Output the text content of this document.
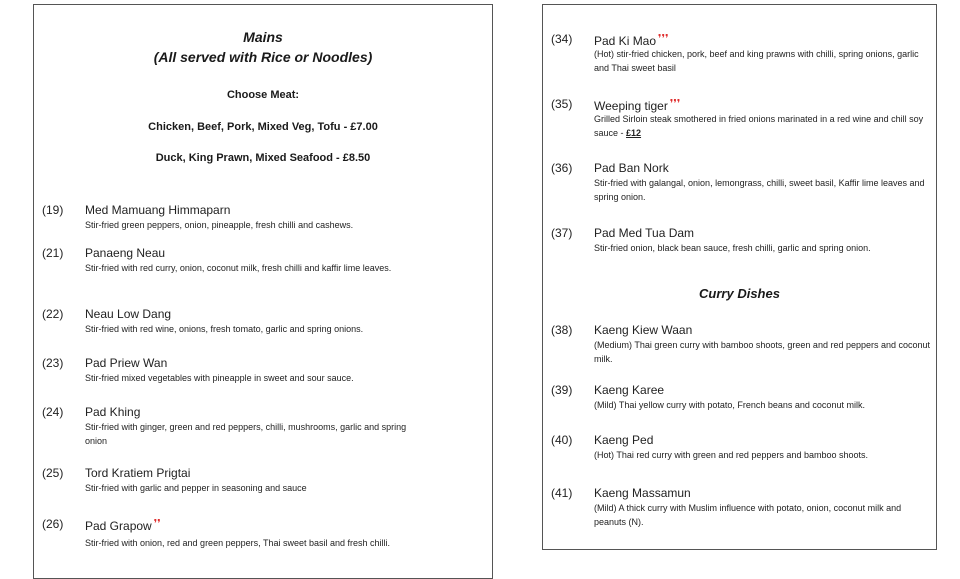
Mains
(All served with Rice or Noodles)
Choose Meat:
Chicken, Beef, Pork, Mixed Veg, Tofu - £7.00
Duck, King Prawn, Mixed Seafood - £8.50
(19) Med Mamuang Himmaparn
Stir-fried green peppers, onion, pineapple, fresh chilli and cashews.
(21) Panaeng Neau
Stir-fried with red curry, onion, coconut milk, fresh chilli and kaffir lime leaves.
(22) Neau Low Dang
Stir-fried with red wine, onions, fresh tomato, garlic and spring onions.
(23) Pad Priew Wan
Stir-fried mixed vegetables with pineapple in sweet and sour sauce.
(24) Pad Khing
Stir-fried with ginger, green and red peppers, chilli, mushrooms, garlic and spring onion
(25) Tord Kratiem Prigtai
Stir-fried with garlic and pepper in seasoning and sauce
(26) Pad Grapow ❜❜
Stir-fried with onion, red and green peppers, Thai sweet basil and fresh chilli.
(34) Pad Ki Mao ❜❜❜
(Hot) stir-fried chicken, pork, beef and king prawns with chilli, spring onions, garlic and Thai sweet basil
(35) Weeping tiger ❜❜❜
Grilled Sirloin steak smothered in fried onions marinated in a red wine and chill soy sauce - £12
(36) Pad Ban Nork
Stir-fried with galangal, onion, lemongrass, chilli, sweet basil, Kaffir lime leaves and spring onion.
(37) Pad Med Tua Dam
Stir-fried onion, black bean sauce, fresh chilli, garlic and spring onion.
Curry Dishes
(38) Kaeng Kiew Waan
(Medium) Thai green curry with bamboo shoots, green and red peppers and coconut milk.
(39) Kaeng Karee
(Mild) Thai yellow curry with potato, French beans and coconut milk.
(40) Kaeng Ped
(Hot) Thai red curry with green and red peppers and bamboo shoots.
(41) Kaeng Massamun
(Mild) A thick curry with Muslim influence with potato, onion, coconut milk and peanuts (N).
